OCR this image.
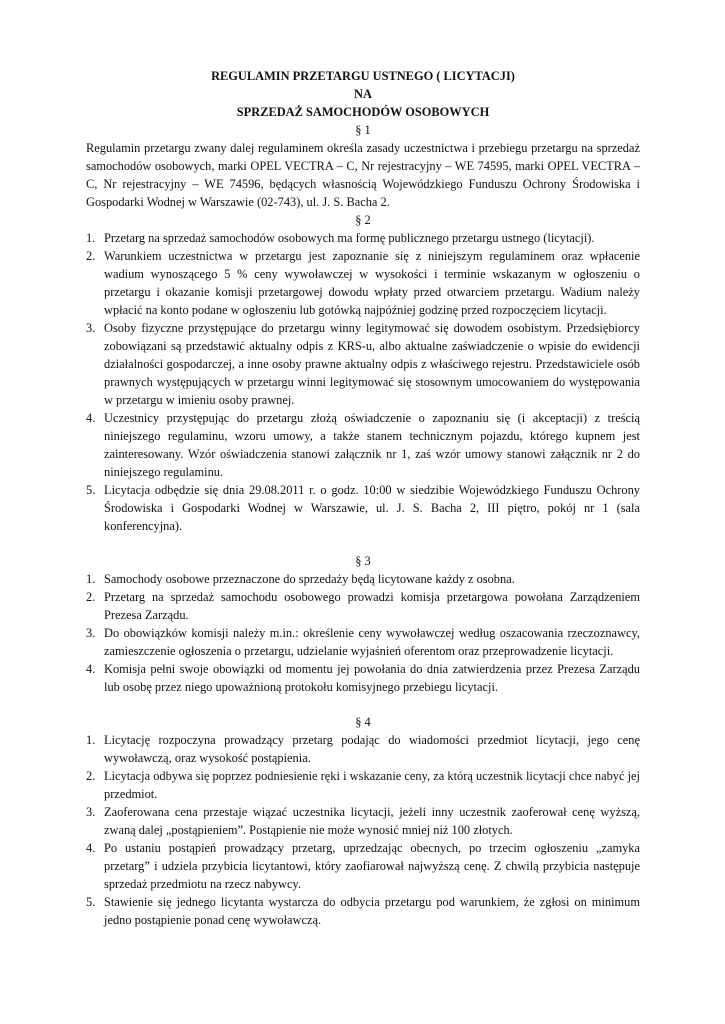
REGULAMIN PRZETARGU USTNEGO ( LICYTACJI)

NA

SPRZEDAŻ SAMOCHODÓW OSOBOWYCH

§ 1

Regulamin przetargu zwany dalej regulaminem określa zasady uczestnictwa i przebiegu przetargu na sprzedaż samochodów osobowych, marki OPEL VECTRA – C, Nr rejestracyjny – WE 74595, marki OPEL VECTRA – C, Nr rejestracyjny – WE 74596, będących własnością Wojewódzkiego Funduszu Ochrony Środowiska i Gospodarki Wodnej w Warszawie (02-743), ul. J. S. Bacha 2.

§ 2

1. Przetarg na sprzedaż samochodów osobowych ma formę publicznego przetargu ustnego (licytacji).
2. Warunkiem uczestnictwa w przetargu jest zapoznanie się z niniejszym regulaminem oraz wpłacenie wadium wynoszącego 5 % ceny wywoławczej w wysokości i terminie wskazanym w ogłoszeniu o przetargu i okazanie komisji przetargowej dowodu wpłaty przed otwarciem przetargu. Wadium należy wpłacić na konto podane w ogłoszeniu lub gotówką najpóźniej godzinę przed rozpoczęciem licytacji.
3. Osoby fizyczne przystępujące do przetargu winny legitymować się dowodem osobistym. Przedsiębiorcy zobowiązani są przedstawić aktualny odpis z KRS-u, albo aktualne zaświadczenie o wpisie do ewidencji działalności gospodarczej, a inne osoby prawne aktualny odpis z właściwego rejestru. Przedstawiciele osób prawnych występujących w przetargu winni legitymować się stosownym umocowaniem do występowania w przetargu w imieniu osoby prawnej.
4. Uczestnicy przystępując do przetargu złożą oświadczenie o zapoznaniu się (i akceptacji) z treścią niniejszego regulaminu, wzoru umowy, a także stanem technicznym pojazdu, którego kupnem jest zainteresowany. Wzór oświadczenia stanowi załącznik nr 1, zaś wzór umowy stanowi załącznik nr 2 do niniejszego regulaminu.
5. Licytacja odbędzie się dnia 29.08.2011 r. o godz. 10:00 w siedzibie Wojewódzkiego Funduszu Ochrony Środowiska i Gospodarki Wodnej w Warszawie, ul. J. S. Bacha 2, III piętro, pokój nr 1 (sala konferencyjna).

§ 3

1. Samochody osobowe przeznaczone do sprzedaży będą licytowane każdy z osobna.
2. Przetarg na sprzedaż samochodu osobowego prowadzi komisja przetargowa powołana Zarządzeniem Prezesa Zarządu.
3. Do obowiązków komisji należy m.in.: określenie ceny wywoławczej według oszacowania rzeczoznawcy, zamieszczenie ogłoszenia o przetargu, udzielanie wyjaśnień oferentom oraz przeprowadzenie licytacji.
4. Komisja pełni swoje obowiązki od momentu jej powołania do dnia zatwierdzenia przez Prezesa Zarządu lub osobę przez niego upoważnioną protokołu komisyjnego przebiegu licytacji.

§ 4

1. Licytację rozpoczyna prowadzący przetarg podając do wiadomości przedmiot licytacji, jego cenę wywoławczą, oraz wysokość postąpienia.
2. Licytacja odbywa się poprzez podniesienie ręki i wskazanie ceny, za którą uczestnik licytacji chce nabyć jej przedmiot.
3. Zaoferowana cena przestaje wiązać uczestnika licytacji, jeżeli inny uczestnik zaoferował cenę wyższą, zwaną dalej „postąpieniem”. Postąpienie nie może wynosić mniej niż 100 złotych.
4. Po ustaniu postąpień prowadzący przetarg, uprzedzając obecnych, po trzecim ogłoszeniu „zamyka przetarg” i udziela przybicia licytantowi, który zaofiarował najwyższą cenę. Z chwilą przybicia następuje sprzedaż przedmiotu na rzecz nabywcy.
5. Stawienie się jednego licytanta wystarcza do odbycia przetargu pod warunkiem, że zgłosi on minimum jedno postąpienie ponad cenę wywoławczą.
